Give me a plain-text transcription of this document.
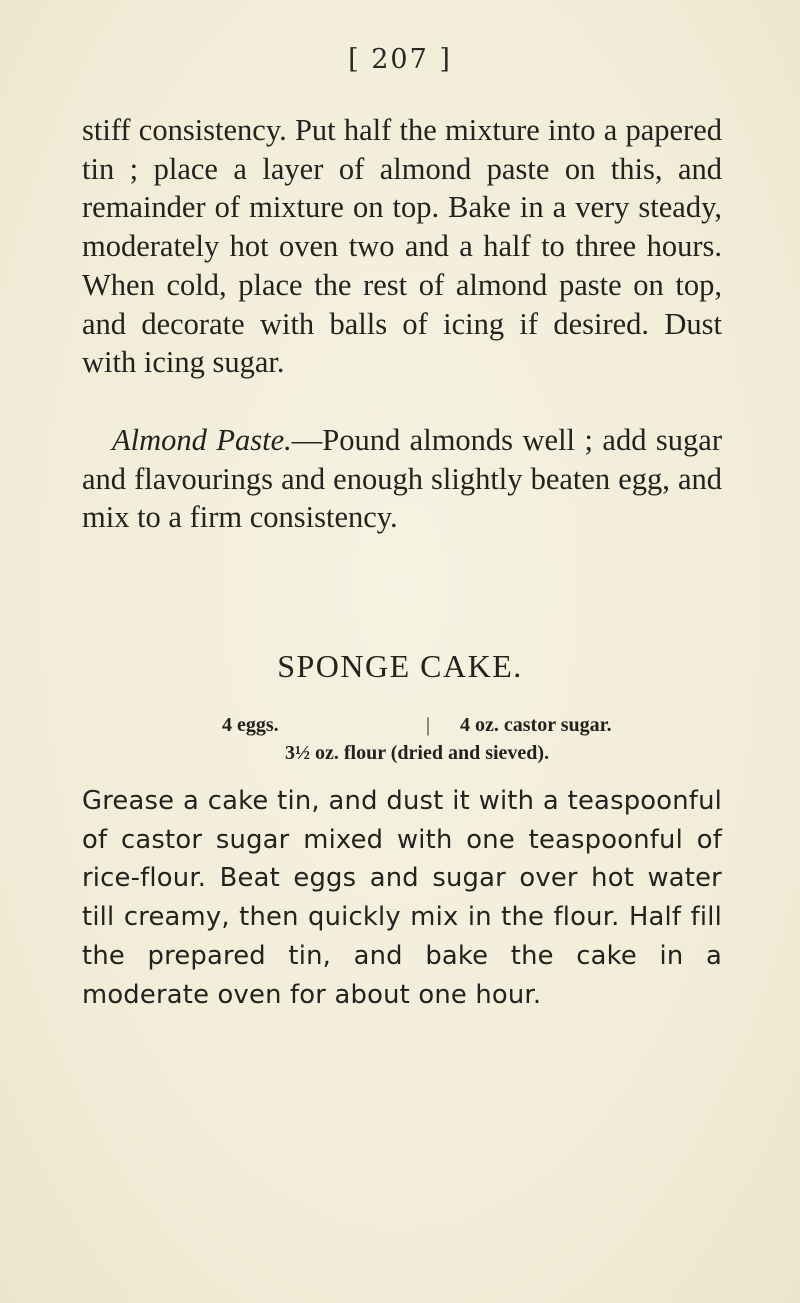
[ 207 ]

stiff consistency. Put half the mixture into a papered tin ; place a layer of almond paste on this, and remainder of mixture on top. Bake in a very steady, moderately hot oven two and a half to three hours. When cold, place the rest of almond paste on top, and decorate with balls of icing if desired. Dust with icing sugar.

Almond Paste.—Pound almonds well ; add sugar and flavourings and enough slightly beaten egg, and mix to a firm consistency.

SPONGE CAKE.
4 eggs.	| 4 oz. castor sugar.
3½ oz. flour (dried and sieved).

Grease a cake tin, and dust it with a teaspoonful of castor sugar mixed with one teaspoonful of rice-flour. Beat eggs and sugar over hot water till creamy, then quickly mix in the flour. Half fill the prepared tin, and bake the cake in a moderate oven for about one hour.
